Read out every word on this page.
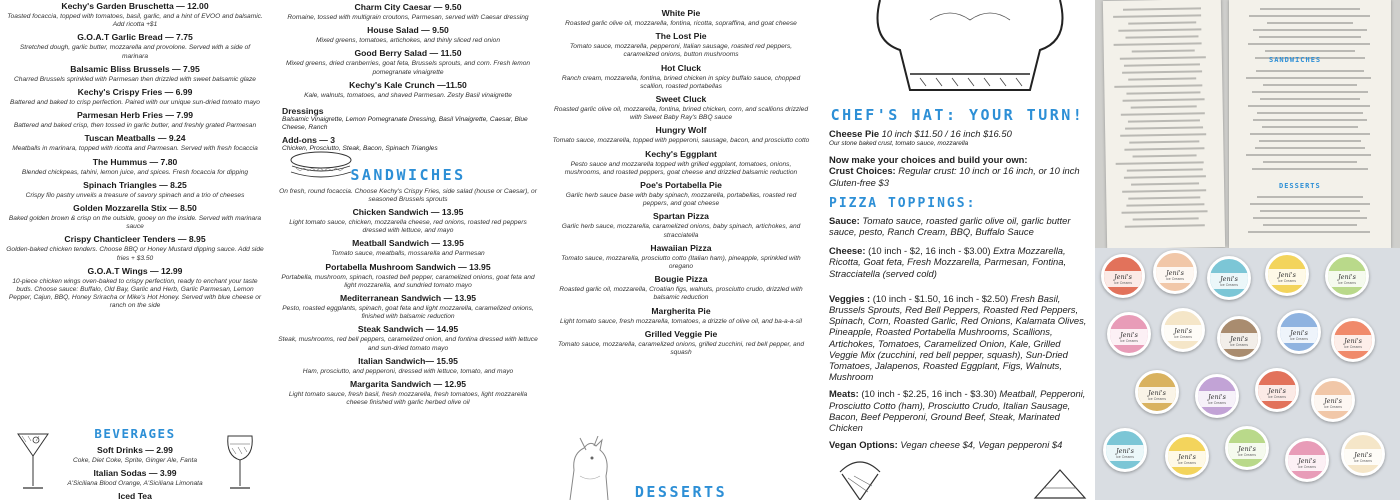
Kechy's Garden Bruschetta — 12.00
Toasted focaccia, topped with tomatoes, basil, garlic, and a hint of EVOO and balsamic. Add ricotta +$1
G.O.A.T Garlic Bread — 7.75
Stretched dough, garlic butter, mozzarella and provolone. Served with a side of marinara
Balsamic Bliss Brussels — 7.95
Charred Brussels sprinkled with Parmesan then drizzled with sweet balsamic glaze
Kechy's Crispy Fries — 6.99
Battered and baked to crisp perfection. Paired with our unique sun-dried tomato mayo
Parmesan Herb Fries — 7.99
Battered and baked crisp, then tossed in garlic butter, and freshly grated Parmesan
Tuscan Meatballs — 9.24
Meatballs in marinara, topped with ricotta and Parmesan. Served with fresh focaccia
The Hummus — 7.80
Blended chickpeas, tahini, lemon juice, and spices. Fresh focaccia for dipping
Spinach Triangles — 8.25
Crispy filo pastry unveils a treasure of savory spinach and a trio of cheeses
Golden Mozzarella Stix — 8.50
Baked golden brown & crisp on the outside, gooey on the inside. Served with marinara sauce
Crispy Chanticleer Tenders — 8.95
Golden-baked chicken tenders. Choose BBQ or Honey Mustard dipping sauce. Add side fries + $3.50
G.O.A.T Wings — 12.99
10-piece chicken wings oven-baked to crispy perfection, ready to enchant your taste buds. Choose sauce: Buffalo, Old Bay, Garlic and Herb, Garlic Parmesan, Lemon Pepper, Cajun, BBQ, Honey Sriracha or Mike's Hot Honey. Served with blue cheese or ranch on the side
BEVERAGES
Soft Drinks — 2.99
Coke, Diet Coke, Sprite, Ginger Ale, Fanta
Italian Sodas — 3.99
A'Siciliana Blood Orange, A'Siciliana Limonata
Iced Tea
Charm City Caesar — 9.50
Romaine, tossed with multigrain croutons, Parmesan, served with Caesar dressing
House Salad — 9.50
Mixed greens, tomatoes, artichokes, and thinly sliced red onion
Good Berry Salad — 11.50
Mixed greens, dried cranberries, goat feta, Brussels sprouts, and corn. Fresh lemon pomegranate vinaigrette
Kechy's Kale Crunch —11.50
Kale, walnuts, tomatoes, and shaved Parmesan. Zesty Basil vinaigrette
Dressings
Balsamic Vinaigrette, Lemon Pomegranate Dressing, Basil Vinaigrette, Caesar, Blue Cheese, Ranch
Add-ons — 3
Chicken, Prosciutto, Steak, Bacon, Spinach Triangles
SANDWICHES
On fresh, round focaccia. Choose Kechy's Crispy Fries, side salad (house or Caesar), or seasoned Brussels sprouts
Chicken Sandwich — 13.95
Light tomato sauce, chicken, mozzarella cheese, red onions, roasted red peppers dressed with lettuce, and mayo
Meatball Sandwich — 13.95
Tomato sauce, meatballs, mossarella and Parmesan
Portabella Mushroom Sandwich — 13.95
Portabella, mushroom, spinach, roasted bell pepper, caramelized onions, goat feta and light mozzarella, and sundried tomato mayo
Mediterranean Sandwich — 13.95
Pesto, roasted eggplants, spinach, goat feta and light mozzarella, caramelized onions, finished with balsamic reduction
Steak Sandwich — 14.95
Steak, mushrooms, red bell peppers, caramelized onion, and fontina dressed with lettuce and sun-dried tomato mayo
Italian Sandwich— 15.95
Ham, prosciutto, and pepperoni, dressed with lettuce, tomato, and mayo
Margarita Sandwich — 12.95
Light tomato sauce, fresh basil, fresh mozzarella, fresh tomatoes, light mozzarella cheese finished with garlic herbed olive oil
White Pie
Roasted garlic olive oil, mozzarella, fontina, ricotta, sopraffina, and goat cheese
The Lost Pie
Tomato sauce, mozzarella, pepperoni, Italian sausage, roasted red peppers, caramelized onions, button mushrooms
Hot Cluck
Ranch cream, mozzarella, fontina, brined chicken in spicy buffalo sauce, chopped scallion, roasted portabellas
Sweet Cluck
Roasted garlic olive oil, mozzarella, fontina, brined chicken, corn, and scallions drizzled with Sweet Baby Ray's BBQ sauce
Hungry Wolf
Tomato sauce, mozzarella, topped with pepperoni, sausage, bacon, and prosciutto cotto
Kechy's Eggplant
Pesto sauce and mozzarella topped with grilled eggplant, tomatoes, onions, mushrooms, and roasted peppers, goat cheese and drizzled balsamic reduction
Poe's Portabella Pie
Garlic herb sauce base with baby spinach, mozzarella, portabellas, roasted red peppers, and goat cheese
Spartan Pizza
Garlic herb sauce, mozzarella, caramelized onions, baby spinach, artichokes, and stracciatella
Hawaiian Pizza
Tomato sauce, mozzarella, prosciutto cotto (Italian ham), pineapple, sprinkled with oregano
Bougie Pizza
Roasted garlic oil, mozzarella, Croatian figs, walnuts, prosciutto crudo, drizzled with balsamic reduction
Margherita Pie
Light tomato sauce, fresh mozzarella, tomatoes, a drizzle of olive oil, and ba-a-a-sil
Grilled Veggie Pie
Tomato sauce, mozzarella, caramelized onions, grilled zucchini, red bell pepper, and squash
DESSERTS
CHEF'S HAT: YOUR TURN!
Cheese Pie 10 inch $11.50 / 16 inch $16.50
Our stone baked crust, tomato sauce, mozzarella
Now make your choices and build your own:
Crust Choices: Regular crust: 10 inch or 16 inch, or 10 inch Gluten-free $3
PIZZA TOPPINGS:
Sauce: Tomato sauce, roasted garlic olive oil, garlic butter sauce, pesto, Ranch Cream, BBQ, Buffalo Sauce
Cheese: (10 inch - $2, 16 inch - $3.00) Extra Mozzarella, Ricotta, Goat feta, Fresh Mozzarella, Parmesan, Fontina, Stracciatella (served cold)
Veggies : (10 inch - $1.50, 16 inch - $2.50) Fresh Basil, Brussels Sprouts, Red Bell Peppers, Roasted Red Peppers, Spinach, Corn, Roasted Garlic, Red Onions, Kalamata Olives, Pineapple, Roasted Portabella Mushrooms, Scallions, Artichokes, Tomatoes, Caramelized Onion, Kale, Grilled Veggie Mix (zucchini, red bell pepper, squash), Sun-Dried Tomatoes, Jalapenos, Roasted Eggplant, Figs, Walnuts, Mushroom
Meats: (10 inch - $2.25, 16 inch - $3.30) Meatball, Pepperoni, Prosciutto Cotto (ham), Prosciutto Crudo, Italian Sausage, Bacon, Beef Pepperoni, Ground Beef, Steak, Marinated Chicken
Vegan Options: Vegan cheese $4, Vegan pepperoni $4
SANDWICHES
DESSERTS
Jeni's
Ice Creams
Jeni's
Ice Creams	Jeni's
Ice Creams
Jeni's
Ice Creams	Jeni's
Ice Creams
Jeni's
Ice Creams
Jeni's
Ice Creams	Jeni's
Ice Creams
Jeni's
Ice Creams	Jeni's
Ice Creams
Jeni's
Ice Creams	Jeni's
Ice Creams
Jeni's
Ice Creams	Jeni's
Ice Creams
Jeni's
Ice Creams	Jeni's
Ice Creams
Jeni's
Ice Creams
Jeni's
Ice Creams
Jeni's
Ice Creams
